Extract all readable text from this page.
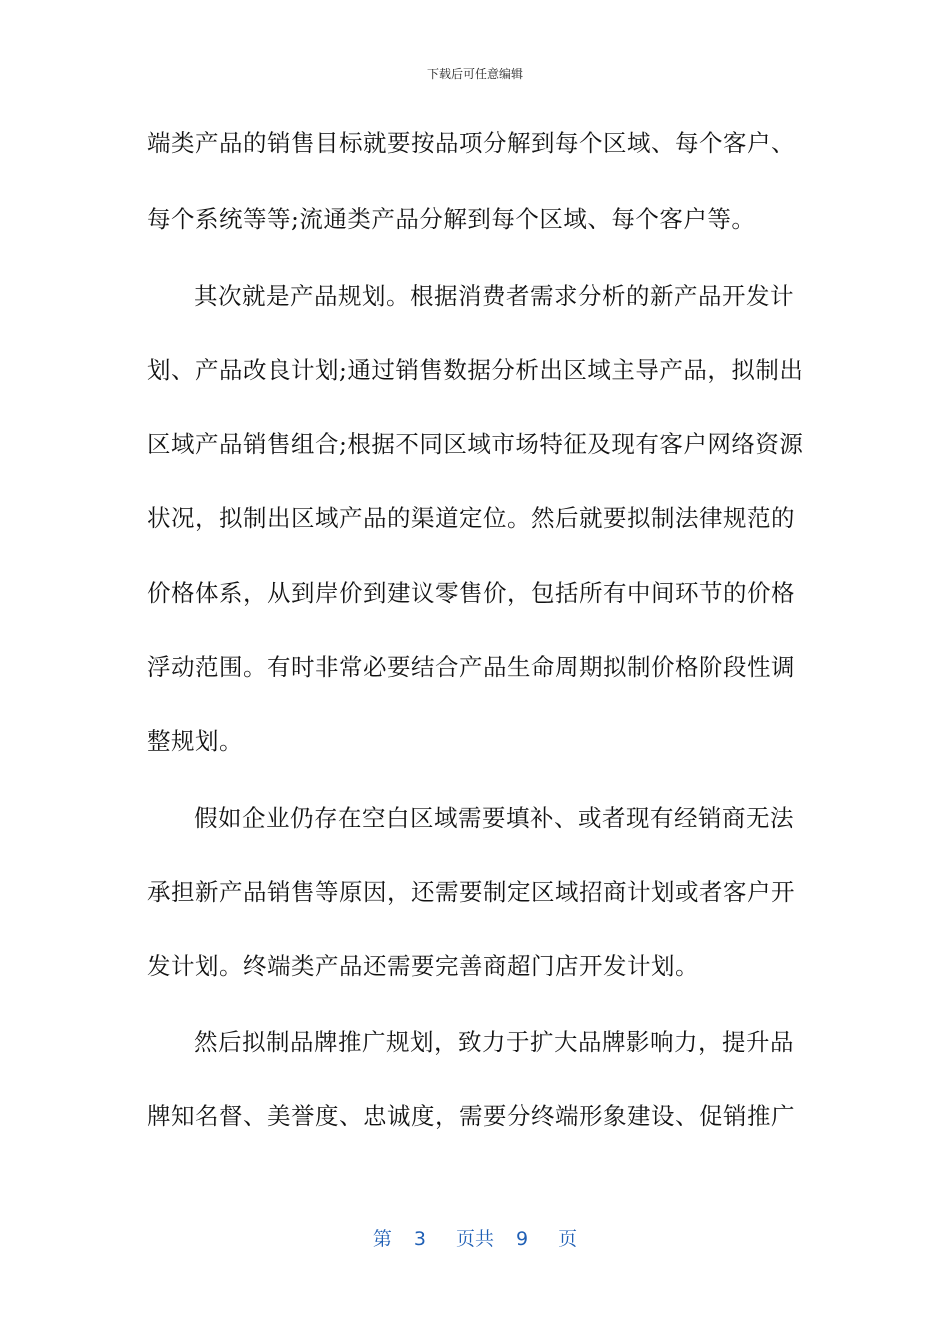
下载后可任意编辑
端类产品的销售目标就要按品项分解到每个区域、每个客户、
每个系统等等;流通类产品分解到每个区域、每个客户等。
其次就是产品规划。根据消费者需求分析的新产品开发计
划、产品改良计划;通过销售数据分析出区域主导产品，拟制出
区域产品销售组合;根据不同区域市场特征及现有客户网络资源
状况，拟制出区域产品的渠道定位。然后就要拟制法律规范的
价格体系，从到岸价到建议零售价，包括所有中间环节的价格
浮动范围。有时非常必要结合产品生命周期拟制价格阶段性调
整规划。
假如企业仍存在空白区域需要填补、或者现有经销商无法
承担新产品销售等原因，还需要制定区域招商计划或者客户开
发计划。终端类产品还需要完善商超门店开发计划。
然后拟制品牌推广规划，致力于扩大品牌影响力，提升品
牌知名督、美誉度、忠诚度，需要分终端形象建设、促销推广
第 3 页共 9 页
